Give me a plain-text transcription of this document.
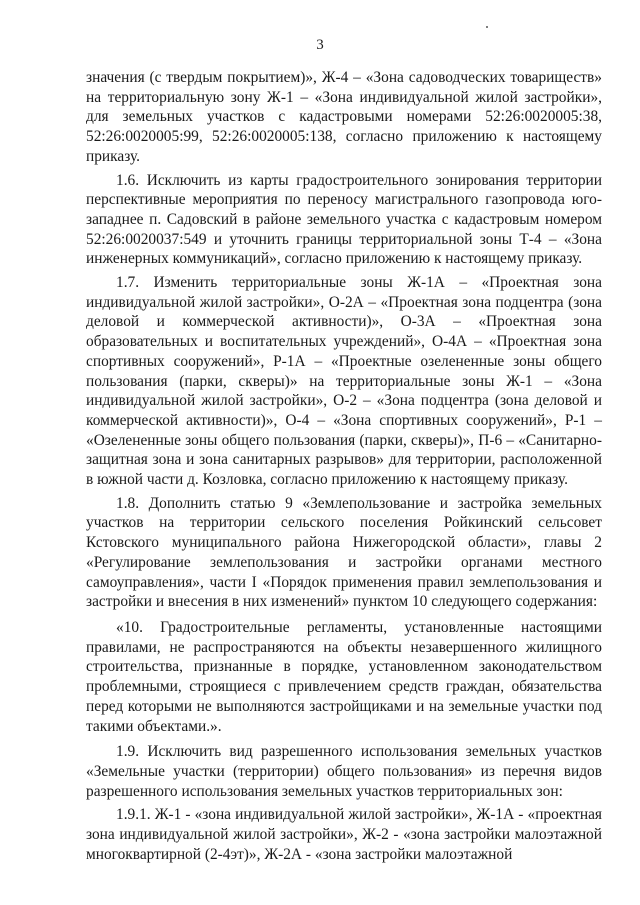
3

значения (с твердым покрытием)», Ж-4 – «Зона садоводческих товариществ» на территориальную зону Ж-1 – «Зона индивидуальной жилой застройки», для земельных участков с кадастровыми номерами 52:26:0020005:38, 52:26:0020005:99, 52:26:0020005:138, согласно приложению к настоящему приказу.

1.6. Исключить из карты градостроительного зонирования территории перспективные мероприятия по переносу магистрального газопровода юго-западнее п. Садовский в районе земельного участка с кадастровым номером 52:26:0020037:549 и уточнить границы территориальной зоны Т-4 – «Зона инженерных коммуникаций», согласно приложению к настоящему приказу.

1.7. Изменить территориальные зоны Ж-1А – «Проектная зона индивидуальной жилой застройки», О-2А – «Проектная зона подцентра (зона деловой и коммерческой активности)», О-3А – «Проектная зона образовательных и воспитательных учреждений», О-4А – «Проектная зона спортивных сооружений», Р-1А – «Проектные озелененные зоны общего пользования (парки, скверы)» на территориальные зоны Ж-1 – «Зона индивидуальной жилой застройки», О-2 – «Зона подцентра (зона деловой и коммерческой активности)», О-4 – «Зона спортивных сооружений», Р-1 – «Озелененные зоны общего пользования (парки, скверы)», П-6 – «Санитарно-защитная зона и зона санитарных разрывов» для территории, расположенной в южной части д. Козловка, согласно приложению к настоящему приказу.

1.8. Дополнить статью 9 «Землепользование и застройка земельных участков на территории сельского поселения Ройкинский сельсовет Кстовского муниципального района Нижегородской области», главы 2 «Регулирование землепользования и застройки органами местного самоуправления», части I «Порядок применения правил землепользования и застройки и внесения в них изменений» пунктом 10 следующего содержания:

«10. Градостроительные регламенты, установленные настоящими правилами, не распространяются на объекты незавершенного жилищного строительства, признанные в порядке, установленном законодательством проблемными, строящиеся с привлечением средств граждан, обязательства перед которыми не выполняются застройщиками и на земельные участки под такими объектами.».

1.9. Исключить вид разрешенного использования земельных участков «Земельные участки (территории) общего пользования» из перечня видов разрешенного использования земельных участков территориальных зон:

1.9.1. Ж-1 - «зона индивидуальной жилой застройки», Ж-1А - «проектная зона индивидуальной жилой застройки», Ж-2 - «зона застройки малоэтажной многоквартирной (2-4эт)», Ж-2А - «зона застройки малоэтажной
